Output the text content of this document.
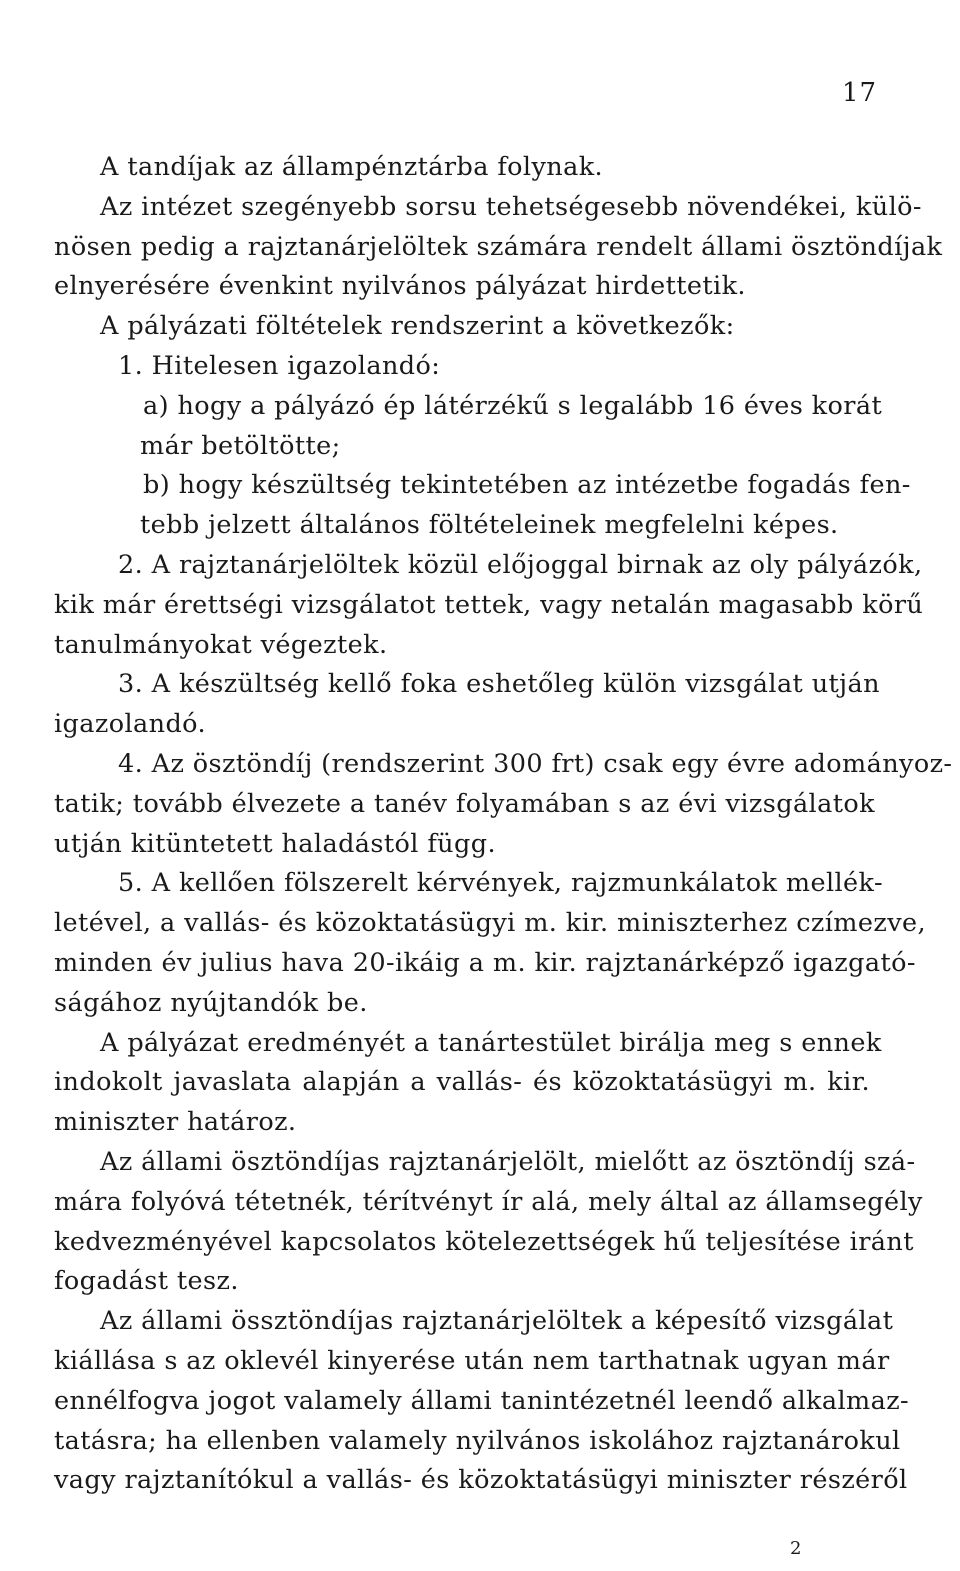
17
A tandíjak az állampénztárba folynak.
Az intézet szegényebb sorsu tehetségesebb növendékei, külö-
nösen pedig a rajztanárjelöltek számára rendelt állami ösztöndíjak
elnyerésére évenkint nyilvános pályázat hirdettetik.
A pályázati föltételek rendszerint a következők:
1. Hitelesen igazolandó:
a) hogy a pályázó ép látérzékű s legalább 16 éves korát
már betöltötte;
b) hogy készültség tekintetében az intézetbe fogadás fen-
tebb jelzett általános föltételeinek megfelelni képes.
2. A rajztanárjelöltek közül előjoggal birnak az oly pályázók,
kik már érettségi vizsgálatot tettek, vagy netalán magasabb körű
tanulmányokat végeztek.
3. A készültség kellő foka eshetőleg külön vizsgálat utján
igazolandó.
4. Az ösztöndíj (rendszerint 300 frt) csak egy évre adományoz-
tatik; tovább élvezete a tanév folyamában s az évi vizsgálatok
utján kitüntetett haladástól függ.
5. A kellően fölszerelt kérvények, rajzmunkálatok mellék-
letével, a vallás- és közoktatásügyi m. kir. miniszterhez czímezve,
minden év julius hava 20-ikáig a m. kir. rajztanárképző igazgató-
ságához nyújtandók be.
A pályázat eredményét a tanártestület birálja meg s ennek
indokolt javaslata alapján a vallás- és közoktatásügyi m. kir.
miniszter határoz.
Az állami ösztöndíjas rajztanárjelölt, mielőtt az ösztöndíj szá-
mára folyóvá tétetnék, térítvényt ír alá, mely által az államsegély
kedvezményével kapcsolatos kötelezettségek hű teljesítése iránt
fogadást tesz.
Az állami össztöndíjas rajztanárjelöltek a képesítő vizsgálat
kiállása s az oklevél kinyerése után nem tarthatnak ugyan már
ennélfogva jogot valamely állami tanintézetnél leendő alkalmaz-
tatásra; ha ellenben valamely nyilvános iskolához rajztanárokul
vagy rajztanítókul a vallás- és közoktatásügyi miniszter részéről
2
